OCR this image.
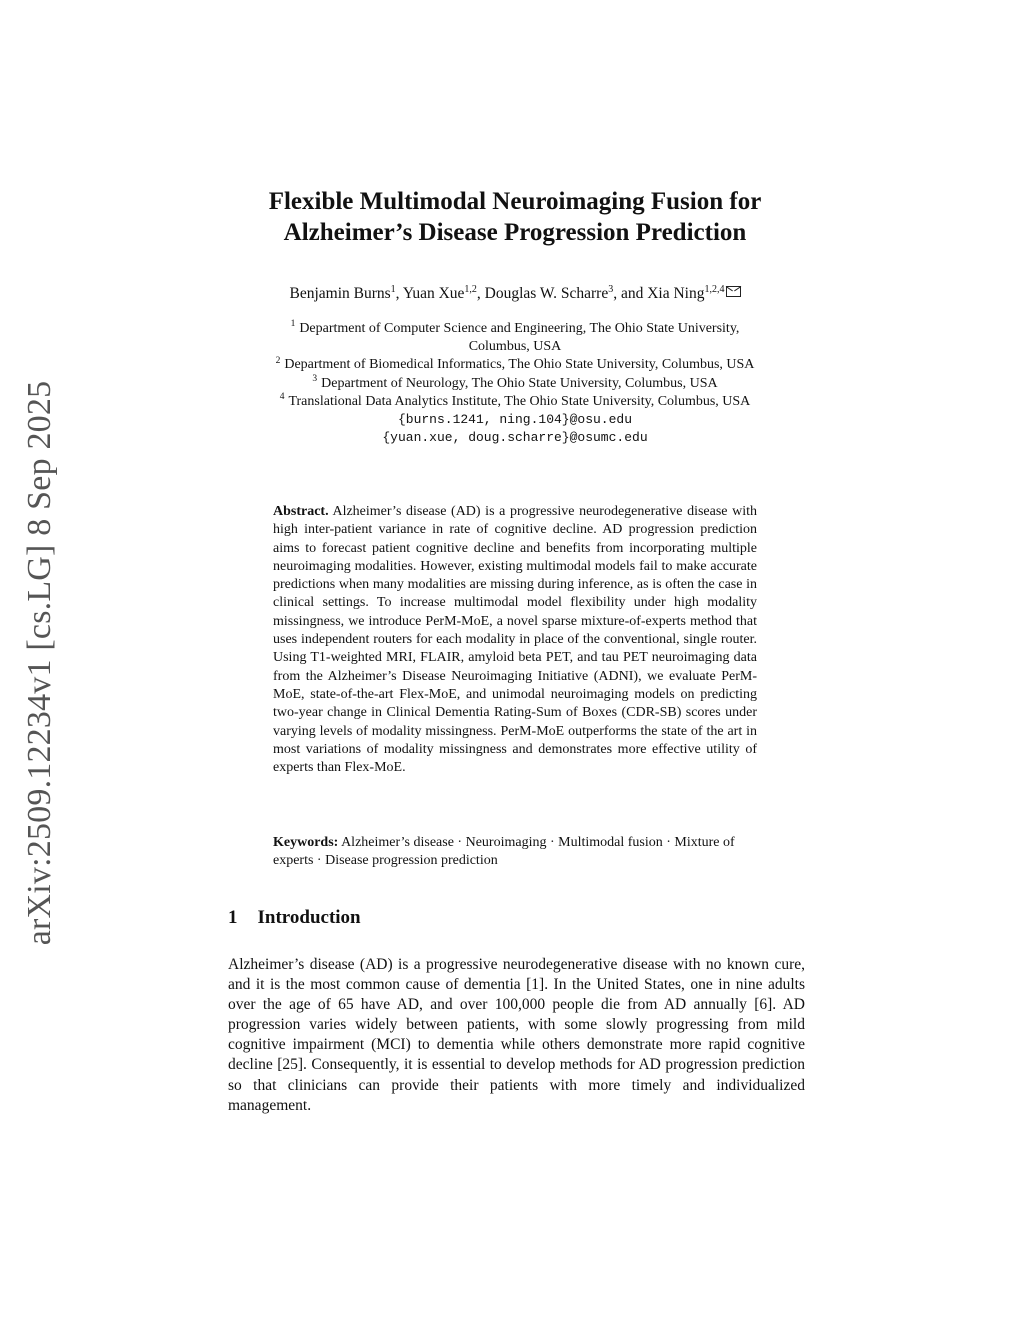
arXiv:2509.12234v1 [cs.LG] 8 Sep 2025
Flexible Multimodal Neuroimaging Fusion for
Alzheimer’s Disease Progression Prediction
Benjamin Burns$^1$, Yuan Xue$^{1,2}$, Douglas W. Scharre$^3$, and Xia Ning$^{1,2,4}$
$^1$ Department of Computer Science and Engineering, The Ohio State University,
Columbus, USA
$^2$ Department of Biomedical Informatics, The Ohio State University, Columbus, USA
$^3$ Department of Neurology, The Ohio State University, Columbus, USA
$^4$ Translational Data Analytics Institute, The Ohio State University, Columbus, USA
{burns.1241, ning.104}@osu.edu
{yuan.xue, doug.scharre}@osumc.edu

Abstract. Alzheimer’s disease (AD) is a progressive neurodegenerative disease with high inter-patient variance in rate of cognitive decline. AD progression prediction aims to forecast patient cognitive decline and benefits from incorporating multiple neuroimaging modalities. However, existing multimodal models fail to make accurate predictions when many modalities are missing during inference, as is often the case in clinical settings. To increase multimodal model flexibility under high modality missingness, we introduce PerM-MoE, a novel sparse mixture-of-experts method that uses independent routers for each modality in place of the conventional, single router. Using T1-weighted MRI, FLAIR, amyloid beta PET, and tau PET neuroimaging data from the Alzheimer’s Disease Neuroimaging Initiative (ADNI), we evaluate PerM-MoE, state-of-the-art Flex-MoE, and unimodal neuroimaging models on predicting two-year change in Clinical Dementia Rating-Sum of Boxes (CDR-SB) scores under varying levels of modality missingness. PerM-MoE outperforms the state of the art in most variations of modality missingness and demonstrates more effective utility of experts than Flex-MoE.

Keywords: Alzheimer’s disease · Neuroimaging · Multimodal fusion · Mixture of experts · Disease progression prediction

1 Introduction

Alzheimer’s disease (AD) is a progressive neurodegenerative disease with no known cure, and it is the most common cause of dementia [1]. In the United States, one in nine adults over the age of 65 have AD, and over 100,000 people die from AD annually [6]. AD progression varies widely between patients, with some slowly progressing from mild cognitive impairment (MCI) to dementia while others demonstrate more rapid cognitive decline [25]. Consequently, it is essential to develop methods for AD progression prediction so that clinicians can provide their patients with more timely and individualized management.
